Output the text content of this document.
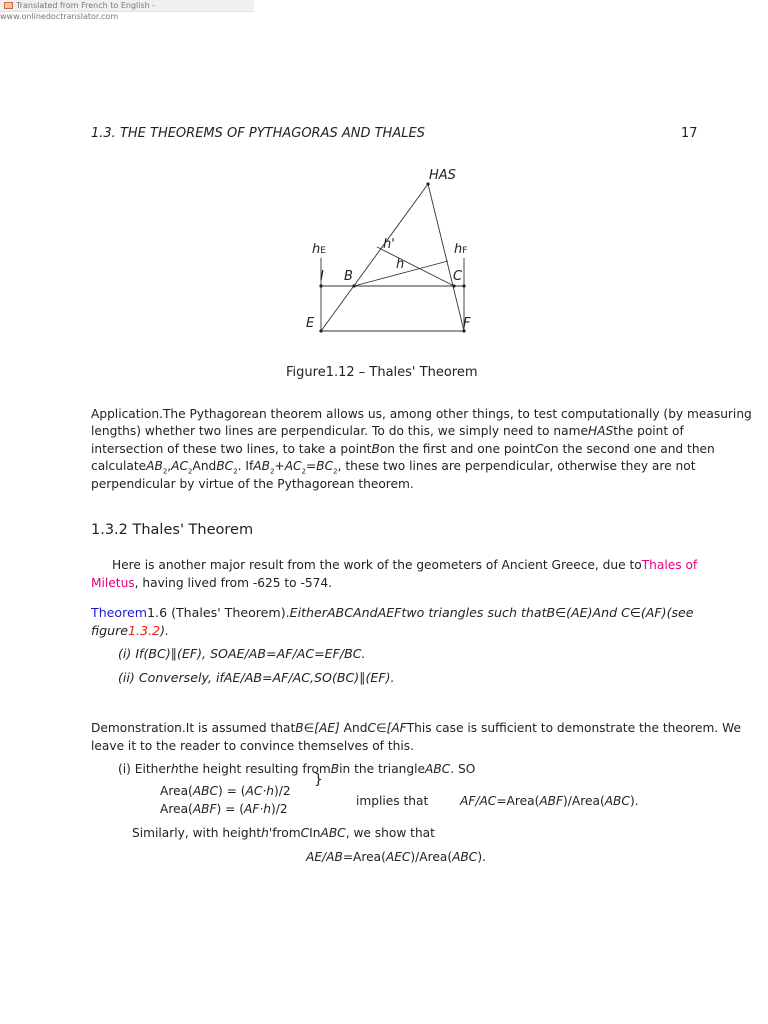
Translated from French to English - www.onlinedoctranslator.com
1.3. THE THEOREMS OF PYTHAGORAS AND THALES	17
HAS
hE	hF
h'
h
I B	C
E	F
Figure1.12 – Thales' Theorem
Application.The Pythagorean theorem allows us, among other things, to test computationally (by measuring
lengths) whether two lines are perpendicular. To do this, we simply need to nameHASthe point of
intersection of these two lines, to take a pointBon the first and one pointCon the second one and then
$calculateAB_2,AC_2AndBC_2$. $IfAB_2+AC_2=BC_2$, these two lines are perpendicular, otherwise they are not
perpendicular by virtue of the Pythagorean theorem.
1.3.2 Thales' Theorem
Here is another major result from the work of the geometers of Ancient Greece, due toThales of
Miletus, having lived from -625 to -574.
Theorem1.6 (Thales' Theorem).EitherABCAndAEFtwo triangles such thatB∈(AE)And C∈(AF)(see
figure1.3.2).
(i) If(BC)∥(EF), SOAE/AB=AF/AC=EF/BC.
(ii) Conversely, ifAE/AB=AF/AC,SO(BC)∥(EF).
Demonstration.It is assumed thatB∈[AE] AndC∈[AFThis case is sufficient to demonstrate the theorem. We
leave it to the reader to convince themselves of this.
(i) Eitherhthe height resulting fromBin the triangleABC. SO
}
Area(ABC) = (AC·h)/2
Area(ABF) = (AF·h)/2
implies that	AF/AC=Area(ABF)/Area(ABC).
Similarly, with heighth'fromCInABC, we show that
AE/AB=Area(AEC)/Area(ABC).
